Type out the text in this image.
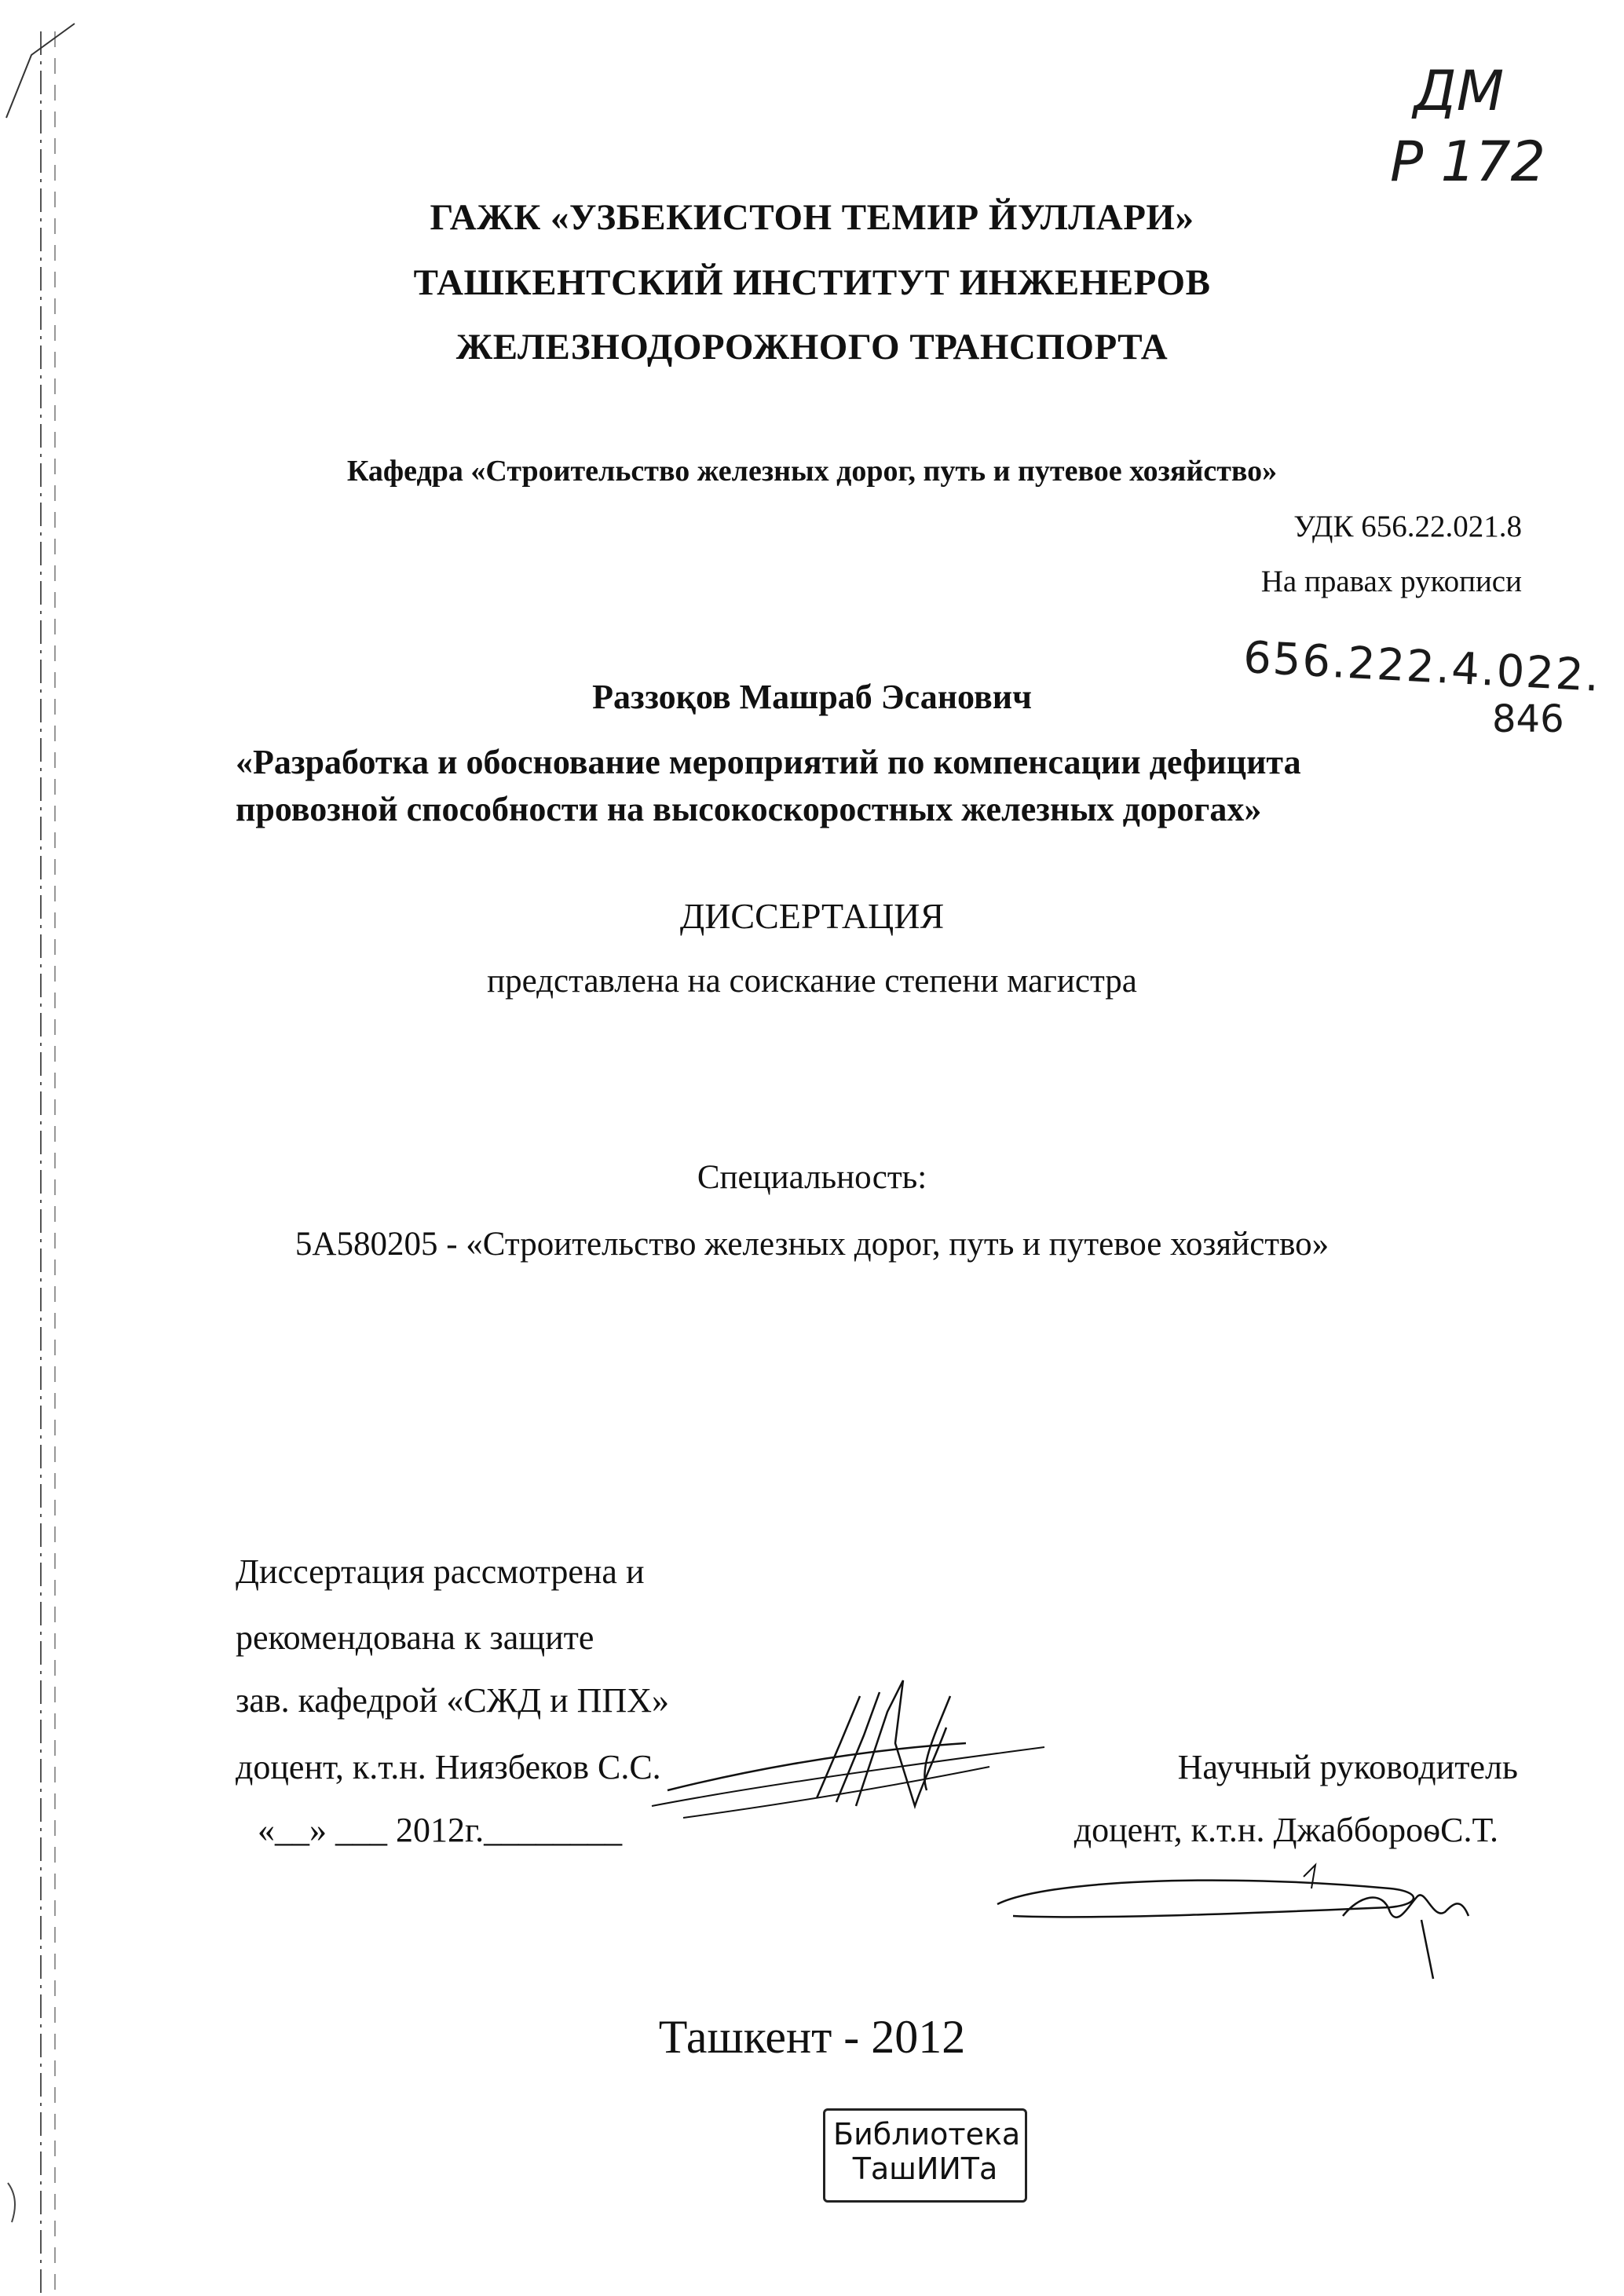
ДМ
Р 172
ГАЖК «УЗБЕКИСТОН ТЕМИР ЙУЛЛАРИ»
ТАШКЕНТСКИЙ ИНСТИТУТ ИНЖЕНЕРОВ
ЖЕЛЕЗНОДОРОЖНОГО ТРАНСПОРТА
Кафедра «Строительство железных дорог, путь и путевое хозяйство»
УДК 656.22.021.8
На правах рукописи
656.222.4.022.
846
Раззоқов Машраб Эсанович
«Разработка и обоснование мероприятий по компенсации дефицита
провозной способности на высокоскоростных железных дорогах»
ДИССЕРТАЦИЯ
представлена на соискание степени магистра
Специальность:
5А580205 - «Строительство железных дорог, путь и путевое хозяйство»
Диссертация рассмотрена и
рекомендована к защите
зав. кафедрой «СЖД и ППХ»
доцент, к.т.н. Ниязбеков С.С.
«__» ___ 2012г.________
Научный руководитель
доцент, к.т.н. ДжаббороѳС.Т.
Ташкент - 2012
Библиотека
ТашИИТа
